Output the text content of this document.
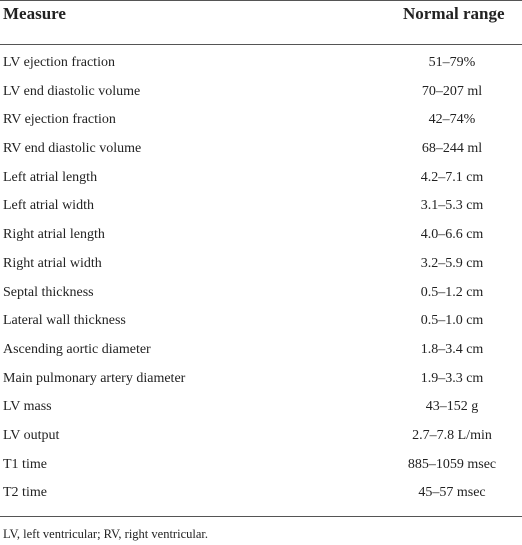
Measure	Normal range
LV ejection fraction	51–79%
LV end diastolic volume	70–207 ml
RV ejection fraction	42–74%
RV end diastolic volume	68–244 ml
Left atrial length	4.2–7.1 cm
Left atrial width	3.1–5.3 cm
Right atrial length	4.0–6.6 cm
Right atrial width	3.2–5.9 cm
Septal thickness	0.5–1.2 cm
Lateral wall thickness	0.5–1.0 cm
Ascending aortic diameter	1.8–3.4 cm
Main pulmonary artery diameter	1.9–3.3 cm
LV mass	43–152 g
LV output	2.7–7.8 L/min
T1 time	885–1059 msec
T2 time	45–57 msec
LV, left ventricular; RV, right ventricular.
